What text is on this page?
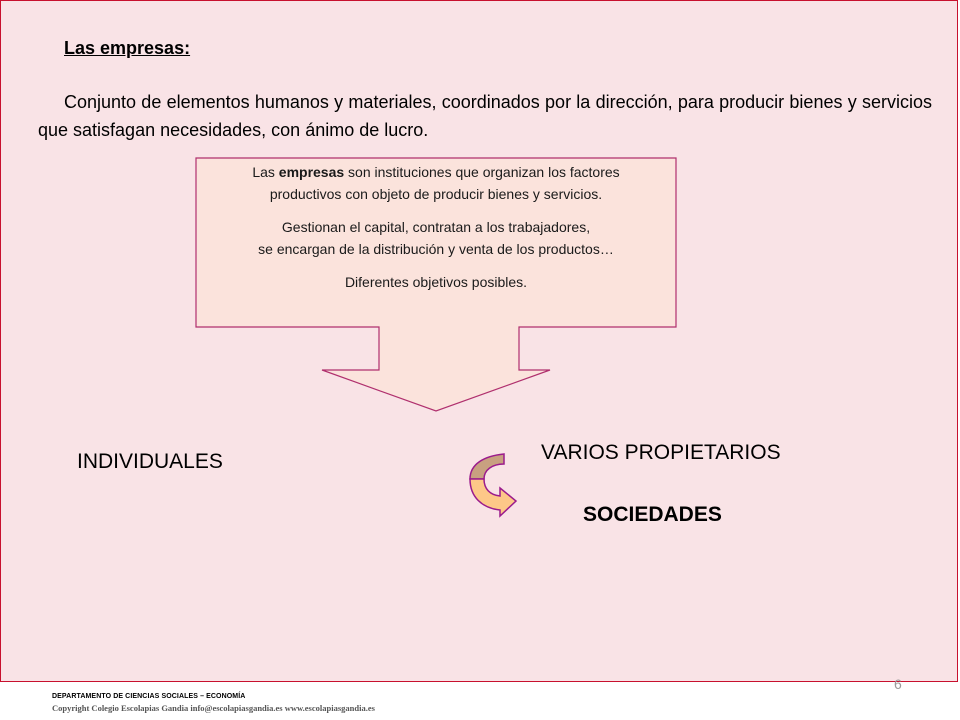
Las empresas:
Conjunto de elementos humanos y materiales, coordinados por la dirección, para producir bienes y servicios que satisfagan necesidades, con ánimo de lucro.

Las empresas son instituciones que organizan los factores

productivos con objeto de producir bienes y servicios.

Gestionan el capital, contratan a los trabajadores,

se encargan de la distribución y venta de los productos…

Diferentes objetivos posibles.

INDIVIDUALES	VARIOS PROPIETARIOS
SOCIEDADES
6
DEPARTAMENTO DE CIENCIAS SOCIALES – ECONOMÍA
Copyright Colegio Escolapias Gandia info@escolapiasgandia.es www.escolapiasgandia.es
